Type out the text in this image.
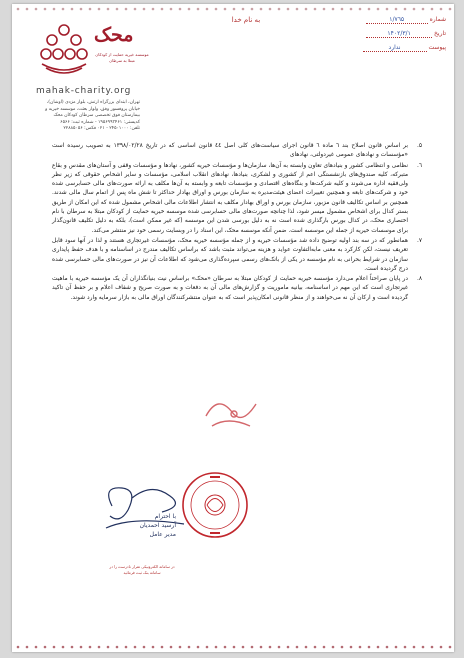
به نام خدا	شماره ۱/۷٦۵
تاریخ ۱۴۰۲/۳/۱
پیوست ندارد
محک
موسسه خیریه حمایت از کودکان مبتلا به سرطان
mahak-charity.org
تهران، ابتدای بزرگراه ارتش، بلوار مژدی (اوشان)، خیابان پروفسور وفق، ولوار بعثت، موسسه خیریه و بیمارستان فوق تخصصی سرطان کودکان محک
کدپستی: ۱۹۵۶۹۹۳۴۶۱ - شماره ثبت: ۶۵۶۶
تلفن: ۲۴۵۰۱۰۰۰ - ۰۲۱ فکس: ۲۲۸۸۵۰۵۶
۵.
بر اساس قانون اصلاح بند ٦ ماده ٦ قانون اجرای سیاست‌های کلی اصل ٤٤ قانون اساسی که در تاریخ ۱۳۹۸/۰۲/۲۸ به تصویب رسیده است «مؤسسات و نهادهای عمومی غیردولتی، نهادهای
٦.
نظامی و انتظامی کشور و بنیادهای تعاون وابسته به آن‌ها، سازمان‌ها و مؤسسات خیریه کشور، نهادها و مؤسسات وقفی و آستان‌های مقدس و بقاع متبرکه، کلیه صندوق‌های بازنشستگی اعم از کشوری و لشکری، بنیادها، نهادهای انقلاب اسلامی، مؤسسات و سایر اشخاص حقوقی که زیر نظر ولی‌فقیه اداره می‌شوند و کلیه شرکت‌ها و بنگاه‌های اقتصادی و مؤسسات تابعه و وابسته به آن‌ها مکلف به ارائه صورت‌های مالی حسابرسی شده خود و شرکت‌های تابعه و همچنین تغییرات اعضای هیئت‌مدیره به سازمان بورس و اوراق بهادار حداکثر تا شش ماه پس از اتمام سال مالی شدند. همچنین بر اساس تکالیف قانون مزبور، سازمان بورس و اوراق بهادار مکلف به انتشار اطلاعات مالی اشخاص مشمول شده که این امکان از طریق بستر کدال برای اشخاص مشمول میسر شود، لذا چنانچه صورت‌های مالی حسابرسی شده موسسه خیریه حمایت از کودکان مبتلا به سرطان با نام اختصاری محک، در کدال بورس بارگذاری شده است نه به دلیل بورسی شدن این موسسه (که غیر ممکن است)، بلکه به دلیل تکلیف قانون‌گذار برای موسسات خیریه از جمله این موسسه است. ضمن آنکه موسسه محک، این اسناد را در وبسایت رسمی خود نیز منتشر می‌کند.
۷.
همانطور که در سه بند اولیه توضیح داده شد مؤسسات خیریه و از جمله مؤسسه خیریه محک، مؤسسات غیرتجاری هستند و لذا در آنها سود قابل تعریف نیست، لکن کارکرد به معنی مابه‌التفاوت عواید و هزینه می‌تواند مثبت باشد که براساس تکالیف مندرج در اساسنامه و با هدف حفظ پایداری سازمان در شرایط بحرانی به نام مؤسسه در یکی از بانک‌های رسمی سپرده‌گذاری می‌شود که اطلاعات آن نیز در صورت‌های مالی حسابرسی شده درج گردیده است.
۸.
در پایان صراحتاً اعلام می‌دارد مؤسسه خیریه حمایت از کودکان مبتلا به سرطان «محک» براساس نیت بنیانگذاران آن یک مؤسسه خیریه با ماهیت غیرتجاری است که این مهم در اساسنامه، بیانیه ماموریت و گزارش‌های مالی آن به دفعات و به صورت صریح و شفاف اعلام و بر حفظ آن تاکید گردیده است و ارکان آن نه می‌خواهند و از منظر قانونی امکان‌پذیر است که به عنوان منتشرکنندگان اوراق مالی به بازار سرمایه وارد شوند.
با احترام
آرسید احمدیان
مدیر عامل
در سامانه الکترونیکی تقرار نادرست را در سامانه بنک ثبت فرمائید
